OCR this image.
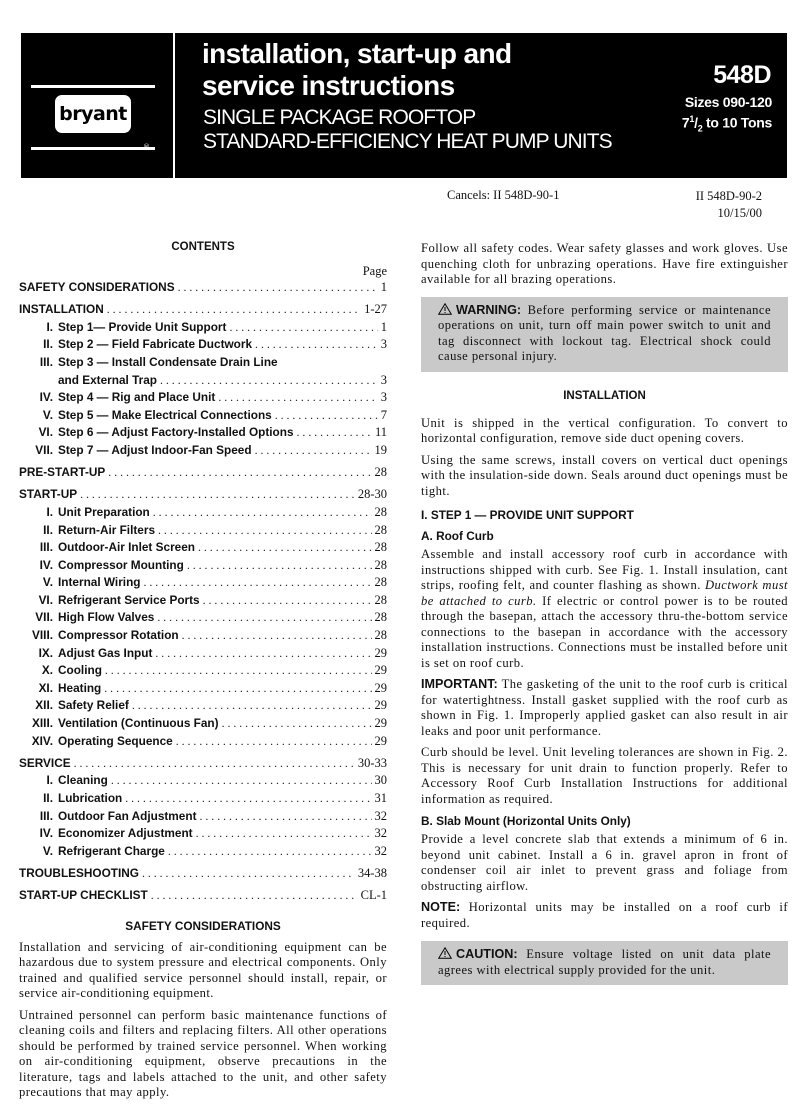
bryant
®
installation, start-up and
service instructions
SINGLE PACKAGE ROOFTOP
STANDARD-EFFICIENCY HEAT PUMP UNITS
548D
Sizes 090-120
$7^1/_2$ to 10 Tons
Cancels: II 548D-90-1	II 548D-90-2
10/15/00
CONTENTS
Page
SAFETY CONSIDERATIONS . . .	1
INSTALLATION . . .	1-27
I. Step 1— Provide Unit Support . . .	1
II. Step 2 — Field Fabricate Ductwork . . .	3
III. Step 3 — Install Condensate Drain Line
and External Trap . . .	3
IV. Step 4 — Rig and Place Unit . . .	3
V. Step 5 — Make Electrical Connections . . .	7
VI. Step 6 — Adjust Factory-Installed Options . . .	11
VII. Step 7 — Adjust Indoor-Fan Speed . . .	19
PRE-START-UP . . .	28
START-UP . . .	28-30
I. Unit Preparation . . .	28
II. Return-Air Filters . . .	28
III. Outdoor-Air Inlet Screen . . .	28
IV. Compressor Mounting . . .	28
V. Internal Wiring . . .	28
VI. Refrigerant Service Ports . . .	28
VII. High Flow Valves . . .	28
VIII. Compressor Rotation . . .	28
IX. Adjust Gas Input . . .	29
X. Cooling . . .	29
XI. Heating . . .	29
XII. Safety Relief . . .	29
XIII. Ventilation (Continuous Fan) . . .	29
XIV. Operating Sequence . . .	29
SERVICE . . .	30-33
I. Cleaning . . .	30
II. Lubrication . . .	31
III. Outdoor Fan Adjustment . . .	32
IV. Economizer Adjustment . . .	32
V. Refrigerant Charge . . .	32
TROUBLESHOOTING . . .	34-38
START-UP CHECKLIST . . .	CL-1
SAFETY CONSIDERATIONS

Installation and servicing of air-conditioning equipment can be hazardous due to system pressure and electrical components. Only trained and qualified service personnel should install, repair, or service air-conditioning equipment.

Untrained personnel can perform basic maintenance functions of cleaning coils and filters and replacing filters. All other operations should be performed by trained service personnel. When working on air-conditioning equipment, observe precautions in the literature, tags and labels attached to the unit, and other safety precautions that may apply.

Follow all safety codes. Wear safety glasses and work gloves. Use quenching cloth for unbrazing operations. Have fire extinguisher available for all brazing operations.

WARNING: Before performing service or maintenance operations on unit, turn off main power switch to unit and tag disconnect with lockout tag. Electrical shock could cause personal injury.

INSTALLATION

Unit is shipped in the vertical configuration. To convert to horizontal configuration, remove side duct opening covers.

Using the same screws, install covers on vertical duct openings with the insulation-side down. Seals around duct openings must be tight.

I. STEP 1 — PROVIDE UNIT SUPPORT
A. Roof Curb

Assemble and install accessory roof curb in accordance with instructions shipped with curb. See Fig. 1. Install insulation, cant strips, roofing felt, and counter flashing as shown. Ductwork must be attached to curb. If electric or control power is to be routed through the basepan, attach the accessory thru-the-bottom service connections to the basepan in accordance with the accessory installation instructions. Connections must be installed before unit is set on roof curb.

IMPORTANT: The gasketing of the unit to the roof curb is critical for watertightness. Install gasket supplied with the roof curb as shown in Fig. 1. Improperly applied gasket can also result in air leaks and poor unit performance.

Curb should be level. Unit leveling tolerances are shown in Fig. 2. This is necessary for unit drain to function properly. Refer to Accessory Roof Curb Installation Instructions for additional information as required.

B. Slab Mount (Horizontal Units Only)

Provide a level concrete slab that extends a minimum of 6 in. beyond unit cabinet. Install a 6 in. gravel apron in front of condenser coil air inlet to prevent grass and foliage from obstructing airflow.

NOTE: Horizontal units may be installed on a roof curb if required.

CAUTION: Ensure voltage listed on unit data plate agrees with electrical supply provided for the unit.
